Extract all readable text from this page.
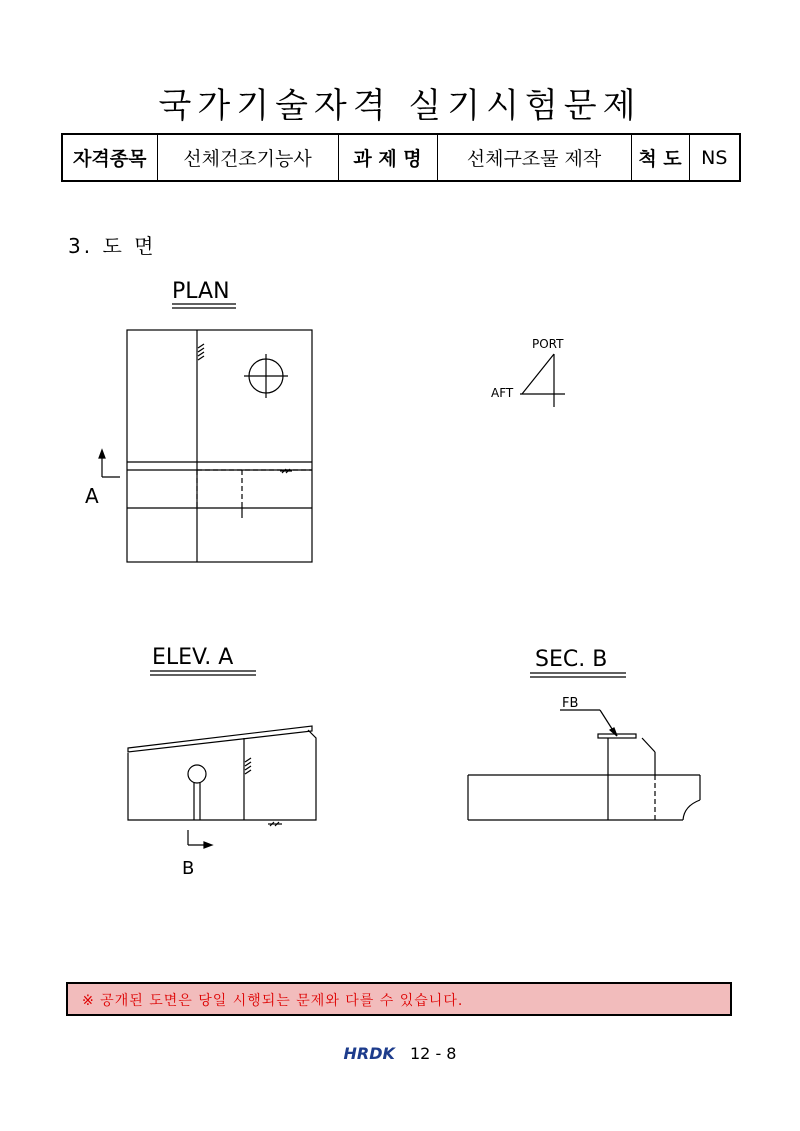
국가기술자격 실기시험문제
자격종목	선체건조기능사	과 제 명	선체구조물 제작	척 도	NS
3. 도 면
PLAN
A
PORT
AFT
ELEV. A
B
SEC. B
FB
※ 공개된 도면은 당일 시행되는 문제와 다를 수 있습니다.
HRDK 12 - 8
